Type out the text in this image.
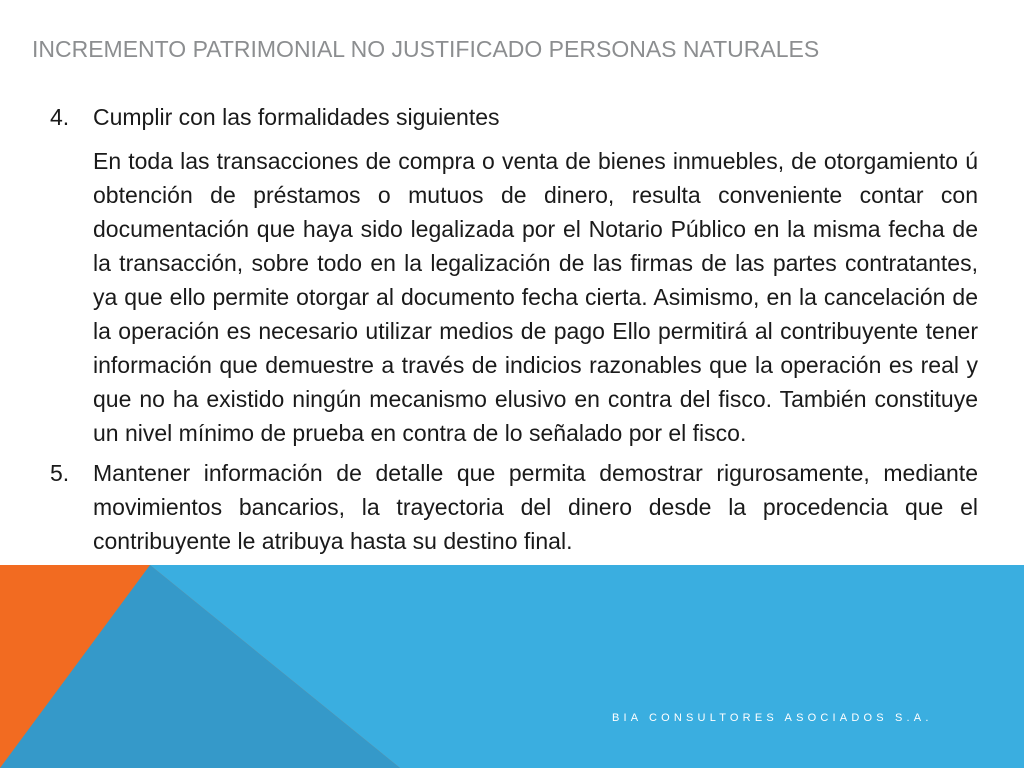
INCREMENTO PATRIMONIAL NO JUSTIFICADO PERSONAS NATURALES
4.	Cumplir con las formalidades siguientes
En toda las transacciones de compra o venta de bienes inmuebles, de otorgamiento ú obtención de préstamos o mutuos de dinero, resulta conveniente contar con documentación que haya sido legalizada por el Notario Público en la misma fecha de la transacción, sobre todo en la legalización de las firmas de las partes contratantes, ya que ello permite otorgar al documento fecha cierta. Asimismo, en la cancelación de la operación es necesario utilizar medios de pago Ello permitirá al contribuyente tener información que demuestre a través de indicios razonables que la operación es real y que no ha existido ningún mecanismo elusivo en contra del fisco. También constituye un nivel mínimo de prueba en contra de lo señalado por el fisco.
5.	Mantener información de detalle que permita demostrar rigurosamente, mediante movimientos bancarios, la trayectoria del dinero desde la procedencia que el contribuyente le atribuya hasta su destino final.
BIA CONSULTORES ASOCIADOS S.A.
